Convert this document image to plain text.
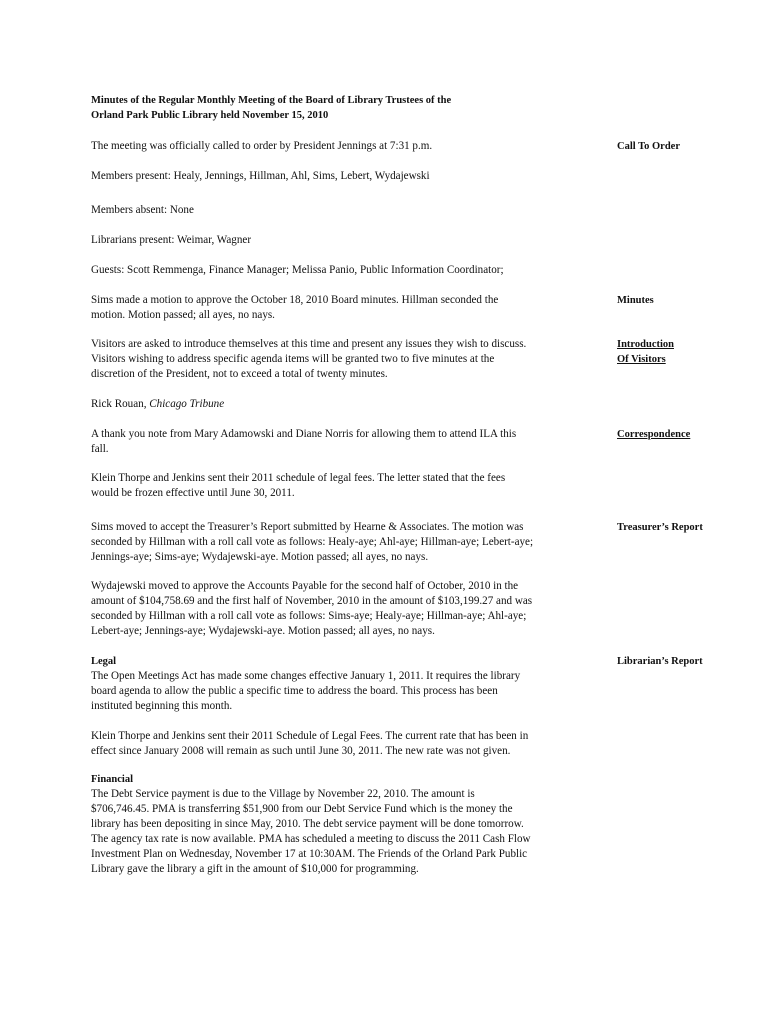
Minutes of the Regular Monthly Meeting of the Board of Library Trustees of the
Orland Park Public Library held November 15, 2010
The meeting was officially called to order by President Jennings at 7:31 p.m.	Call To Order
Members present: Healy, Jennings, Hillman, Ahl, Sims, Lebert, Wydajewski
Members absent: None
Librarians present: Weimar, Wagner
Guests: Scott Remmenga, Finance Manager; Melissa Panio, Public Information Coordinator;
Sims made a motion to approve the October 18, 2010 Board minutes. Hillman seconded the
motion. Motion passed; all ayes, no nays.
Minutes
Visitors are asked to introduce themselves at this time and present any issues they wish to discuss.
Visitors wishing to address specific agenda items will be granted two to five minutes at the
discretion of the President, not to exceed a total of twenty minutes.
Introduction
Of Visitors
Rick Rouan, Chicago Tribune
A thank you note from Mary Adamowski and Diane Norris for allowing them to attend ILA this
fall.
Correspondence
Klein Thorpe and Jenkins sent their 2011 schedule of legal fees. The letter stated that the fees
would be frozen effective until June 30, 2011.
Sims moved to accept the Treasurer’s Report submitted by Hearne & Associates. The motion was
seconded by Hillman with a roll call vote as follows: Healy-aye; Ahl-aye; Hillman-aye; Lebert-aye;
Jennings-aye; Sims-aye; Wydajewski-aye. Motion passed; all ayes, no nays.
Treasurer’s Report
Wydajewski moved to approve the Accounts Payable for the second half of October, 2010 in the
amount of $104,758.69 and the first half of November, 2010 in the amount of $103,199.27 and was
seconded by Hillman with a roll call vote as follows: Sims-aye; Healy-aye; Hillman-aye; Ahl-aye;
Lebert-aye; Jennings-aye; Wydajewski-aye. Motion passed; all ayes, no nays.
Legal
The Open Meetings Act has made some changes effective January 1, 2011. It requires the library
board agenda to allow the public a specific time to address the board. This process has been
instituted beginning this month.
Librarian’s Report
Klein Thorpe and Jenkins sent their 2011 Schedule of Legal Fees. The current rate that has been in
effect since January 2008 will remain as such until June 30, 2011. The new rate was not given.
Financial
The Debt Service payment is due to the Village by November 22, 2010. The amount is
$706,746.45. PMA is transferring $51,900 from our Debt Service Fund which is the money the
library has been depositing in since May, 2010. The debt service payment will be done tomorrow.
The agency tax rate is now available. PMA has scheduled a meeting to discuss the 2011 Cash Flow
Investment Plan on Wednesday, November 17 at 10:30AM. The Friends of the Orland Park Public
Library gave the library a gift in the amount of $10,000 for programming.
